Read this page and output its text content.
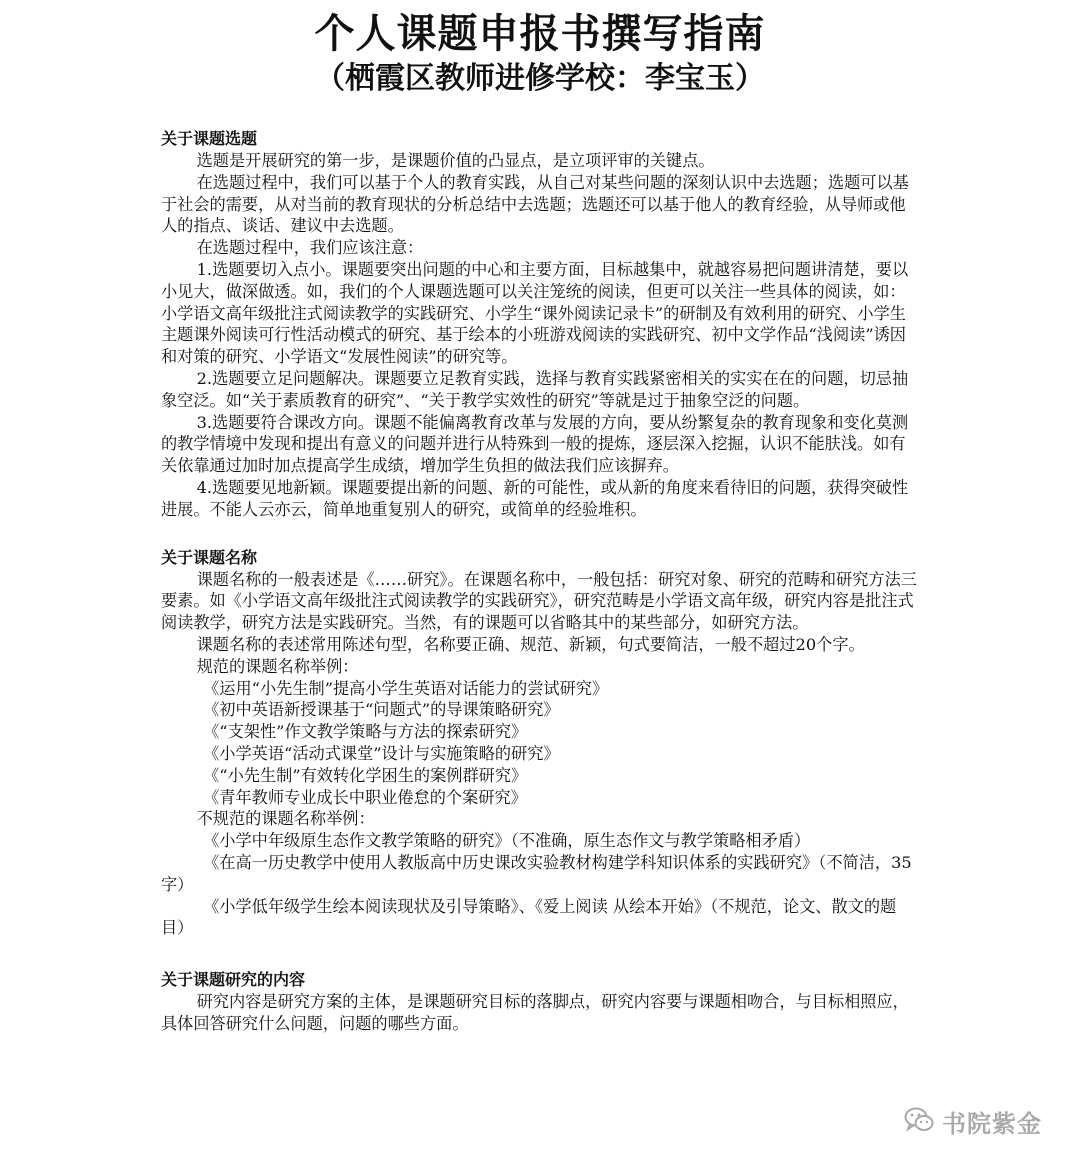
个人课题申报书撰写指南
（栖霞区教师进修学校：李宝玉）
关于课题选题

选题是开展研究的第一步，是课题价值的凸显点，是立项评审的关键点。

在选题过程中，我们可以基于个人的教育实践，从自己对某些问题的深刻认识中去选题；选题可以基于社会的需要，从对当前的教育现状的分析总结中去选题；选题还可以基于他人的教育经验，从导师或他人的指点、谈话、建议中去选题。

在选题过程中，我们应该注意：

1.选题要切入点小。课题要突出问题的中心和主要方面，目标越集中，就越容易把问题讲清楚，要以小见大，做深做透。如，我们的个人课题选题可以关注笼统的阅读，但更可以关注一些具体的阅读，如：小学语文高年级批注式阅读教学的实践研究、小学生“课外阅读记录卡”的研制及有效利用的研究、小学生主题课外阅读可行性活动模式的研究、基于绘本的小班游戏阅读的实践研究、初中文学作品“浅阅读”诱因和对策的研究、小学语文“发展性阅读”的研究等。

2.选题要立足问题解决。课题要立足教育实践，选择与教育实践紧密相关的实实在在的问题，切忌抽象空泛。如“关于素质教育的研究”、“关于教学实效性的研究”等就是过于抽象空泛的问题。

3.选题要符合课改方向。课题不能偏离教育改革与发展的方向，要从纷繁复杂的教育现象和变化莫测的教学情境中发现和提出有意义的问题并进行从特殊到一般的提炼，逐层深入挖掘，认识不能肤浅。如有关依靠通过加时加点提高学生成绩，增加学生负担的做法我们应该摒弃。

4.选题要见地新颖。课题要提出新的问题、新的可能性，或从新的角度来看待旧的问题，获得突破性进展。不能人云亦云，简单地重复别人的研究，或简单的经验堆积。

关于课题名称

课题名称的一般表述是《……研究》。在课题名称中，一般包括：研究对象、研究的范畴和研究方法三要素。如《小学语文高年级批注式阅读教学的实践研究》，研究范畴是小学语文高年级，研究内容是批注式阅读教学，研究方法是实践研究。当然，有的课题可以省略其中的某些部分，如研究方法。

课题名称的表述常用陈述句型，名称要正确、规范、新颖，句式要简洁，一般不超过20个字。

规范的课题名称举例：

《运用“小先生制”提高小学生英语对话能力的尝试研究》
《初中英语新授课基于“问题式”的导课策略研究》
《“支架性”作文教学策略与方法的探索研究》
《小学英语“活动式课堂”设计与实施策略的研究》
《“小先生制”有效转化学困生的案例群研究》
《青年教师专业成长中职业倦怠的个案研究》

不规范的课题名称举例：

《小学中年级原生态作文教学策略的研究》（不准确，原生态作文与教学策略相矛盾）

《在高一历史教学中使用人教版高中历史课改实验教材构建学科知识体系的实践研究》（不简洁，35字）

《小学低年级学生绘本阅读现状及引导策略》、《爱上阅读 从绘本开始》（不规范，论文、散文的题目）

关于课题研究的内容

研究内容是研究方案的主体，是课题研究目标的落脚点，研究内容要与课题相吻合，与目标相照应，具体回答研究什么问题，问题的哪些方面。

书院紫金
